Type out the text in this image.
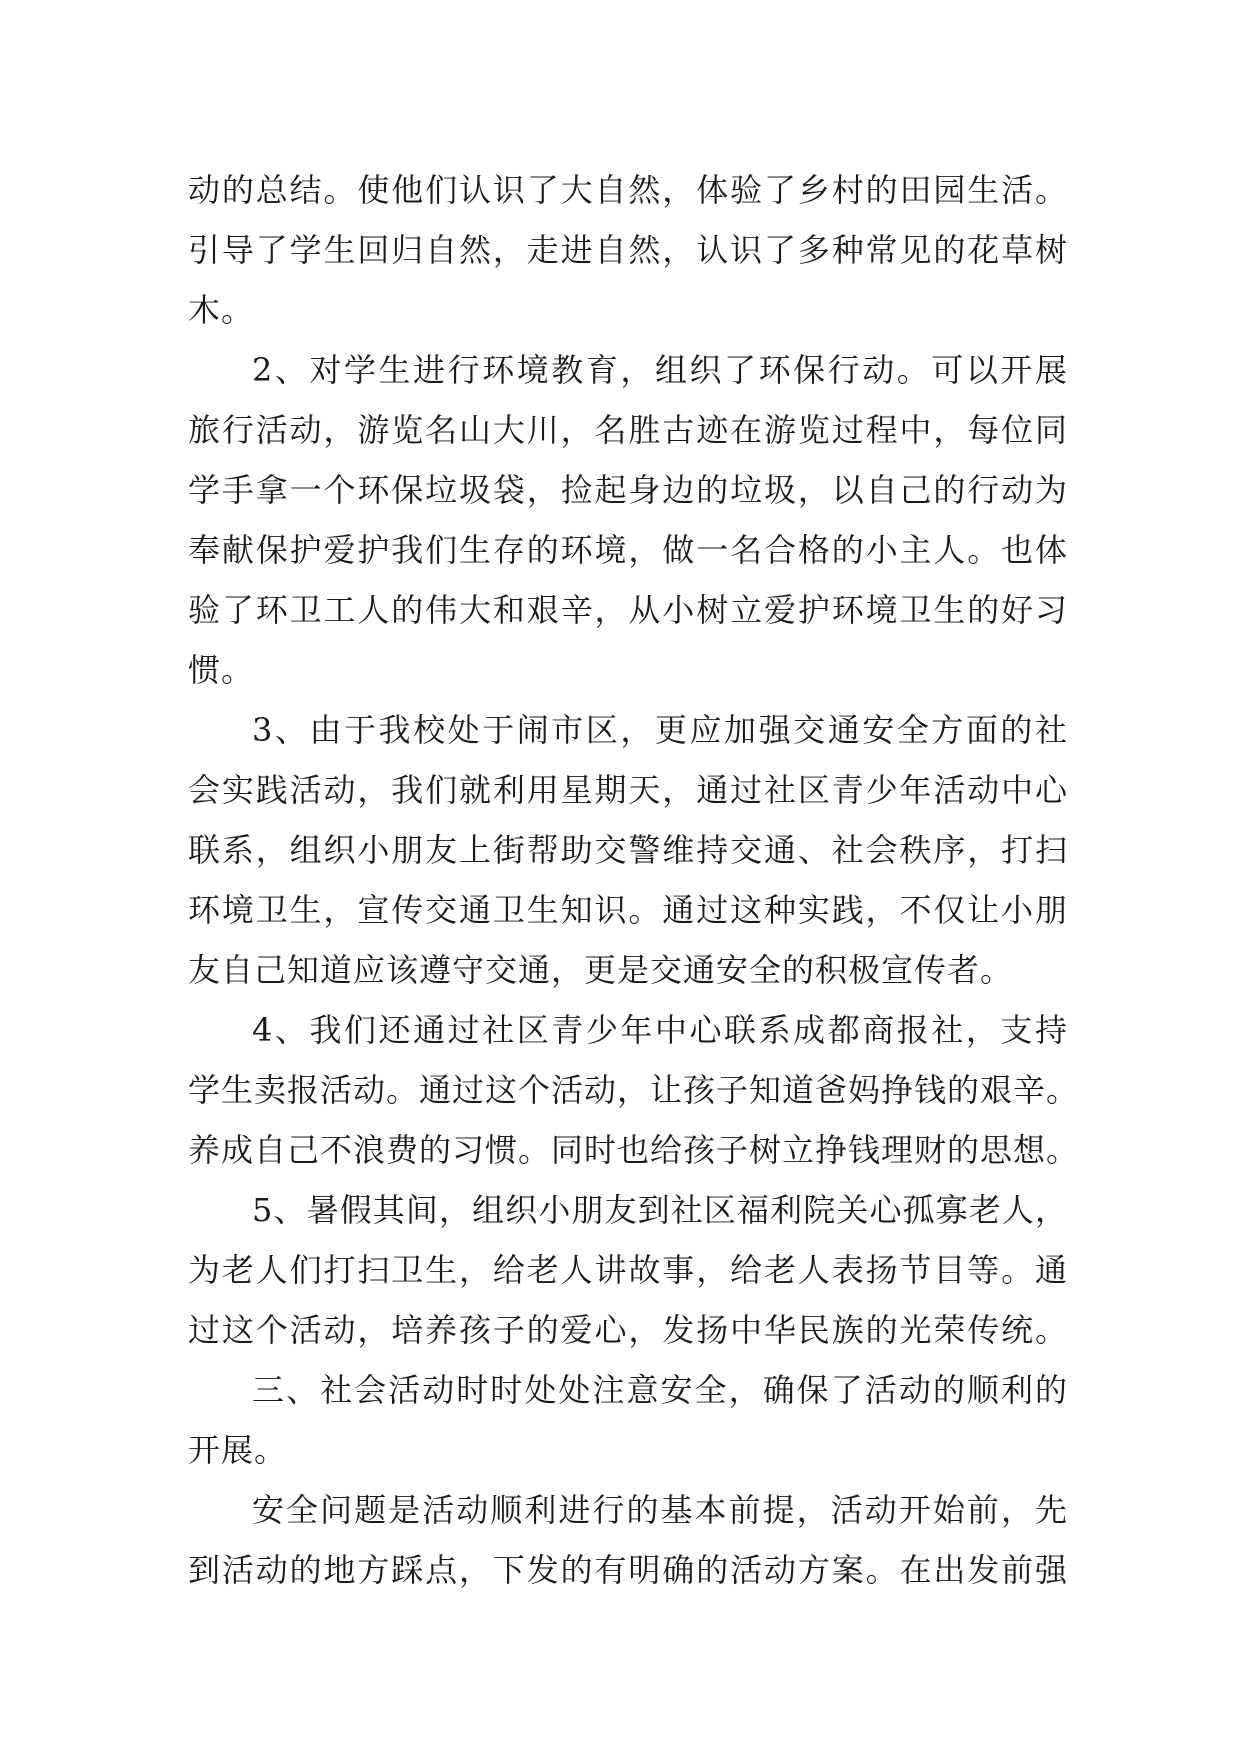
动的总结。使他们认识了大自然，体验了乡村的田园生活。
引导了学生回归自然，走进自然，认识了多种常见的花草树
木。
2、对学生进行环境教育，组织了环保行动。可以开展
旅行活动，游览名山大川，名胜古迹在游览过程中，每位同
学手拿一个环保垃圾袋，捡起身边的垃圾，以自己的行动为
奉献保护爱护我们生存的环境，做一名合格的小主人。也体
验了环卫工人的伟大和艰辛，从小树立爱护环境卫生的好习
惯。
3、由于我校处于闹市区，更应加强交通安全方面的社
会实践活动，我们就利用星期天，通过社区青少年活动中心
联系，组织小朋友上街帮助交警维持交通、社会秩序，打扫
环境卫生，宣传交通卫生知识。通过这种实践，不仅让小朋
友自己知道应该遵守交通，更是交通安全的积极宣传者。
4、我们还通过社区青少年中心联系成都商报社，支持
学生卖报活动。通过这个活动，让孩子知道爸妈挣钱的艰辛。
养成自己不浪费的习惯。同时也给孩子树立挣钱理财的思想。
5、暑假其间，组织小朋友到社区福利院关心孤寡老人，
为老人们打扫卫生，给老人讲故事，给老人表扬节目等。通
过这个活动，培养孩子的爱心，发扬中华民族的光荣传统。
三、社会活动时时处处注意安全，确保了活动的顺利的
开展。
安全问题是活动顺利进行的基本前提，活动开始前，先
到活动的地方踩点，下发的有明确的活动方案。在出发前强
